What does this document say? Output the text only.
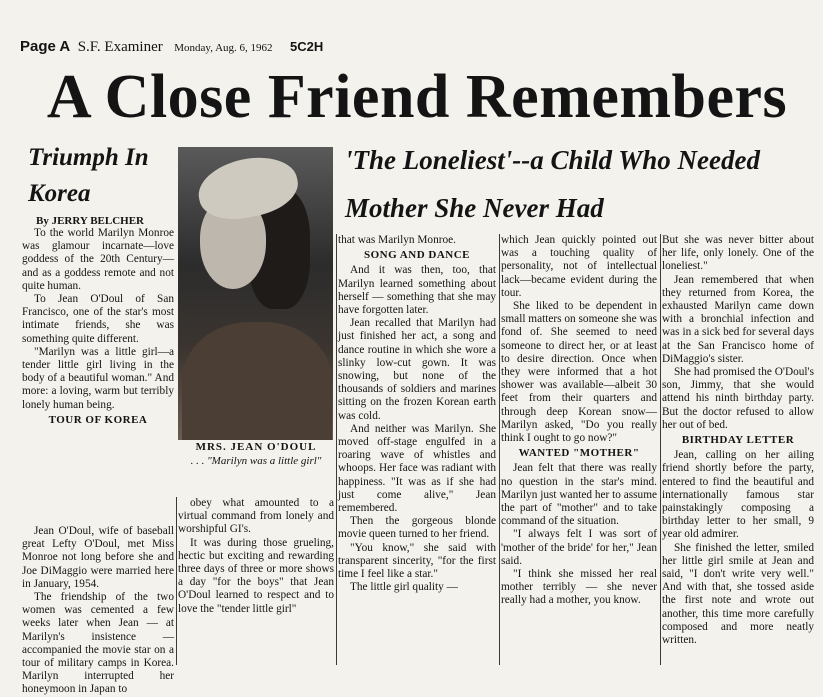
Page A S.F. Examiner Monday, Aug. 6, 1962 5C2H
A Close Friend Remembers
Triumph In Korea
'The Loneliest'--a Child Who Needed Mother She Never Had
By JERRY BELCHER
MRS. JEAN O'DOUL
. . . "Marilyn was a little girl"

To the world Marilyn Monroe was glamour incarnate—love goddess of the 20th Century—and as a goddess remote and not quite human.

To Jean O'Doul of San Francisco, one of the star's most intimate friends, she was something quite different.

"Marilyn was a little girl—a tender little girl living in the body of a beautiful woman." And more: a loving, warm but terribly lonely human being.

TOUR OF KOREA

Jean O'Doul, wife of baseball great Lefty O'Doul, met Miss Monroe not long before she and Joe DiMaggio were married here in January, 1954.

The friendship of the two women was cemented a few weeks later when Jean — at Marilyn's insistence — accompanied the movie star on a tour of military camps in Korea. Marilyn interrupted her honeymoon in Japan to

obey what amounted to a virtual command from lonely and worshipful GI's.

It was during those grueling, hectic but exciting and rewarding three days of three or more shows a day "for the boys" that Jean O'Doul learned to respect and to love the "tender little girl"

that was Marilyn Monroe.

SONG AND DANCE

And it was then, too, that Marilyn learned something about herself — something that she may have forgotten later.

Jean recalled that Marilyn had just finished her act, a song and dance routine in which she wore a slinky low-cut gown. It was snowing, but none of the thousands of soldiers and marines sitting on the frozen Korean earth was cold.

And neither was Marilyn. She moved off-stage engulfed in a roaring wave of whistles and whoops. Her face was radiant with happiness. "It was as if she had just come alive," Jean remembered.

Then the gorgeous blonde movie queen turned to her friend.

"You know," she said with transparent sincerity, "for the first time I feel like a star."

The little girl quality —

which Jean quickly pointed out was a touching quality of personality, not of intellectual lack—became evident during the tour.

She liked to be dependent in small matters on someone she was fond of. She seemed to need someone to direct her, or at least to desire direction. Once when they were informed that a hot shower was available—albeit 30 feet from their quarters and through deep Korean snow—Marilyn asked, "Do you really think I ought to go now?"

WANTED "MOTHER"

Jean felt that there was really no question in the star's mind. Marilyn just wanted her to assume the part of "mother" and to take command of the situation.

"I always felt I was sort of 'mother of the bride' for her," Jean said.

"I think she missed her real mother terribly — she never really had a mother, you know.

But she was never bitter about her life, only lonely. One of the loneliest."

Jean remembered that when they returned from Korea, the exhausted Marilyn came down with a bronchial infection and was in a sick bed for several days at the San Francisco home of DiMaggio's sister.

She had promised the O'Doul's son, Jimmy, that she would attend his ninth birthday party. But the doctor refused to allow her out of bed.

BIRTHDAY LETTER

Jean, calling on her ailing friend shortly before the party, entered to find the beautiful and internationally famous star painstakingly composing a birthday letter to her small, 9 year old admirer.

She finished the letter, smiled her little girl smile at Jean and said, "I don't write very well." And with that, she tossed aside the first note and wrote out another, this time more carefully composed and more neatly written.
